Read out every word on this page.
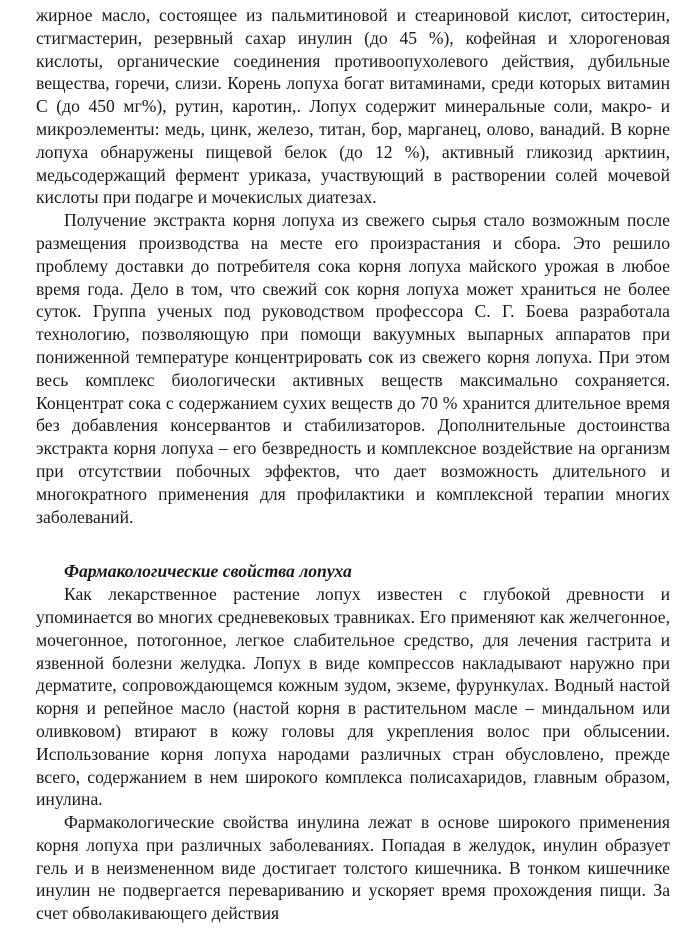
жирное масло, состоящее из пальмитиновой и стеариновой кислот, ситостерин, стигмастерин, резервный сахар инулин (до 45 %), кофейная и хлорогеновая кислоты, органические соединения противоопухолевого действия, дубильные вещества, горечи, слизи. Корень лопуха богат витаминами, среди которых витамин С (до 450 мг%), рутин, каротин,. Лопух содержит минеральные соли, макро- и микроэлементы: медь, цинк, железо, титан, бор, марганец, олово, ванадий. В корне лопуха обнаружены пищевой белок (до 12 %), активный гликозид арктиин, медьсодержащий фермент уриказа, участвующий в растворении солей мочевой кислоты при подагре и мочекислых диатезах.

Получение экстракта корня лопуха из свежего сырья стало возможным после размещения производства на месте его произрастания и сбора. Это решило проблему доставки до потребителя сока корня лопуха майского урожая в любое время года. Дело в том, что свежий сок корня лопуха может храниться не более суток. Группа ученых под руководством профессора С. Г. Боева разработала технологию, позволяющую при помощи вакуумных выпарных аппаратов при пониженной температуре концентрировать сок из свежего корня лопуха. При этом весь комплекс биологически активных веществ максимально сохраняется. Концентрат сока с содержанием сухих веществ до 70 % хранится длительное время без добавления консервантов и стабилизаторов. Дополнительные достоинства экстракта корня лопуха – его безвредность и комплексное воздействие на организм при отсутствии побочных эффектов, что дает возможность длительного и многократного применения для профилактики и комплексной терапии многих заболеваний.

Фармакологические свойства лопуха

Как лекарственное растение лопух известен с глубокой древности и упоминается во многих средневековых травниках. Его применяют как желчегонное, мочегонное, потогонное, легкое слабительное средство, для лечения гастрита и язвенной болезни желудка. Лопух в виде компрессов накладывают наружно при дерматите, сопровождающемся кожным зудом, экземе, фурункулах. Водный настой корня и репейное масло (настой корня в растительном масле – миндальном или оливковом) втирают в кожу головы для укрепления волос при облысении. Использование корня лопуха народами различных стран обусловлено, прежде всего, содержанием в нем широкого комплекса полисахаридов, главным образом, инулина.

Фармакологические свойства инулина лежат в основе широкого применения корня лопуха при различных заболеваниях. Попадая в желудок, инулин образует гель и в неизмененном виде достигает толстого кишечника. В тонком кишечнике инулин не подвергается перевариванию и ускоряет время прохождения пищи. За счет обволакивающего действия
